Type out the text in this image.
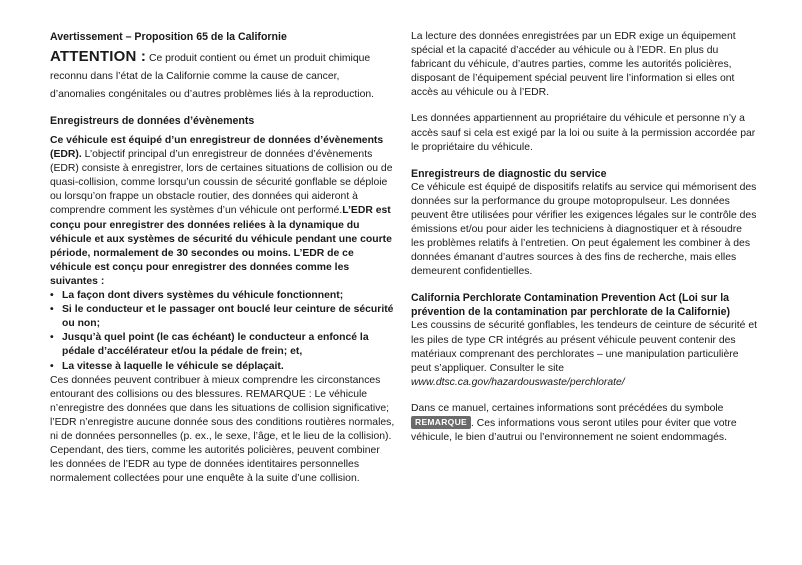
Avertissement – Proposition 65 de la Californie

ATTENTION : Ce produit contient ou émet un produit chimique reconnu dans l’état de la Californie comme la cause de cancer, d’anomalies congénitales ou d’autres problèmes liés à la reproduction.

Enregistreurs de données d’évènements

Ce véhicule est équipé d’un enregistreur de données d’évènements (EDR). L’objectif principal d’un enregistreur de données d’évènements (EDR) consiste à enregistrer, lors de certaines situations de collision ou de quasi-collision, comme lorsqu’un coussin de sécurité gonflable se déploie ou lorsqu’on frappe un obstacle routier, des données qui aideront à comprendre comment les systèmes d’un véhicule ont performé.L’EDR est conçu pour enregistrer des données reliées à la dynamique du véhicule et aux systèmes de sécurité du véhicule pendant une courte période, normalement de 30 secondes ou moins. L’EDR de ce véhicule est conçu pour enregistrer des données comme les suivantes :

• La façon dont divers systèmes du véhicule fonctionnent;
• Si le conducteur et le passager ont bouclé leur ceinture de sécurité ou non;
• Jusqu’à quel point (le cas échéant) le conducteur a enfoncé la pédale d’accélérateur et/ou la pédale de frein; et,
• La vitesse à laquelle le véhicule se déplaçait.

Ces données peuvent contribuer à mieux comprendre les circonstances entourant des collisions ou des blessures. REMARQUE : Le véhicule n’enregistre des données que dans les situations de collision significative; l’EDR n’enregistre aucune donnée sous des conditions routières normales, ni de données personnelles (p. ex., le sexe, l’âge, et le lieu de la collision). Cependant, des tiers, comme les autorités policières, peuvent combiner les données de l’EDR au type de données identitaires personnelles normalement collectées pour une enquête à la suite d’une collision.

La lecture des données enregistrées par un EDR exige un équipement spécial et la capacité d’accéder au véhicule ou à l’EDR. En plus du fabricant du véhicule, d’autres parties, comme les autorités policières, disposant de l’équipement spécial peuvent lire l’information si elles ont accès au véhicule ou à l’EDR.

Les données appartiennent au propriétaire du véhicule et personne n’y a accès sauf si cela est exigé par la loi ou suite à la permission accordée par le propriétaire du véhicule.

Enregistreurs de diagnostic du service

Ce véhicule est équipé de dispositifs relatifs au service qui mémorisent des données sur la performance du groupe motopropulseur. Les données peuvent être utilisées pour vérifier les exigences légales sur le contrôle des émissions et/ou pour aider les techniciens à diagnostiquer et à résoudre les problèmes relatifs à l’entretien. On peut également les combiner à des données émanant d’autres sources à des fins de recherche, mais elles demeurent confidentielles.

California Perchlorate Contamination Prevention Act (Loi sur la prévention de la contamination par perchlorate de la Californie)

Les coussins de sécurité gonflables, les tendeurs de ceinture de sécurité et les piles de type CR intégrés au présent véhicule peuvent contenir des matériaux comprenant des perchlorates – une manipulation particulière peut s’appliquer. Consulter le site www.dtsc.ca.gov/hazardouswaste/perchlorate/

Dans ce manuel, certaines informations sont précédées du symbole REMARQUE . Ces informations vous seront utiles pour éviter que votre véhicule, le bien d’autrui ou l’environnement ne soient endommagés.
